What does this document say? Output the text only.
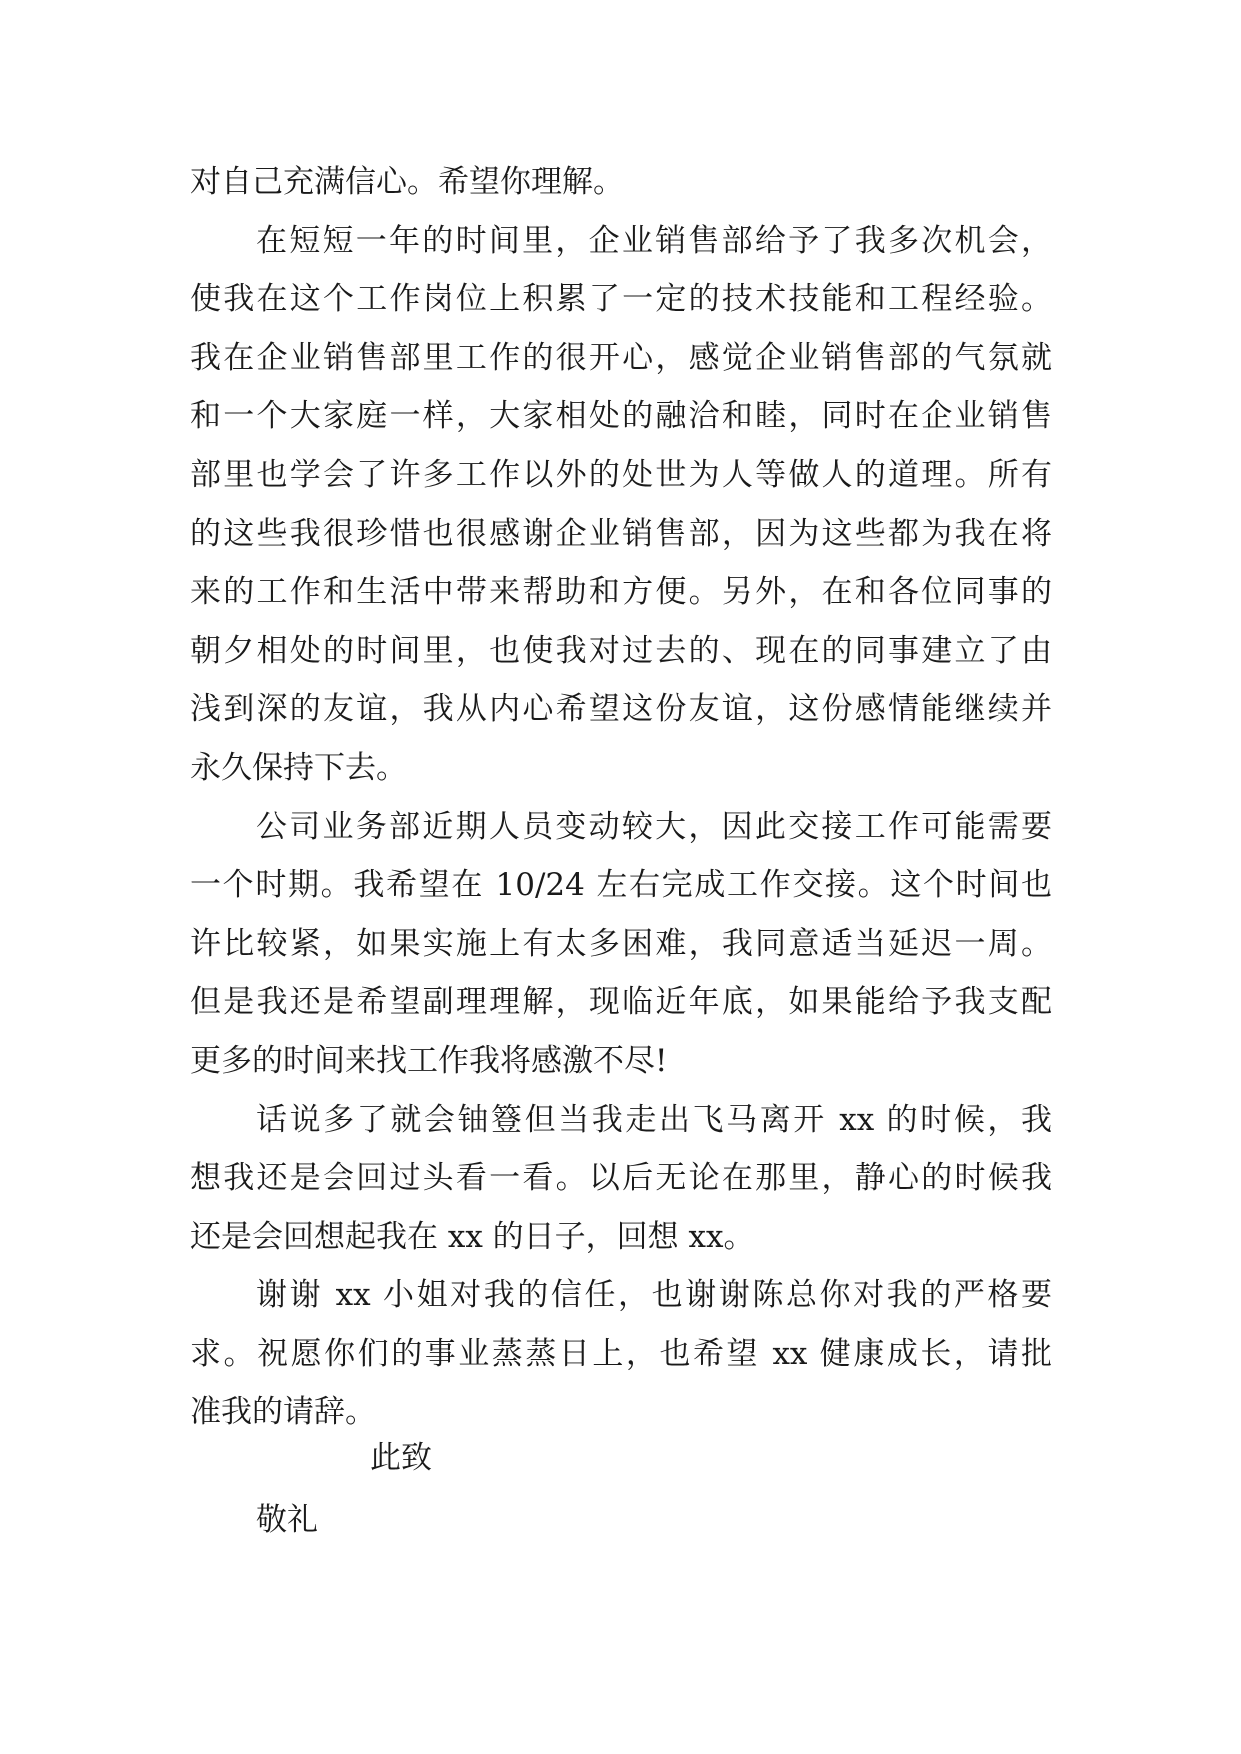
对自己充满信心。希望你理解。
在短短一年的时间里，企业销售部给予了我多次机会，
使我在这个工作岗位上积累了一定的技术技能和工程经验。
我在企业销售部里工作的很开心，感觉企业销售部的气氛就
和一个大家庭一样，大家相处的融洽和睦，同时在企业销售
部里也学会了许多工作以外的处世为人等做人的道理。所有
的这些我很珍惜也很感谢企业销售部，因为这些都为我在将
来的工作和生活中带来帮助和方便。另外，在和各位同事的
朝夕相处的时间里，也使我对过去的、现在的同事建立了由
浅到深的友谊，我从内心希望这份友谊，这份感情能继续并
永久保持下去。
公司业务部近期人员变动较大，因此交接工作可能需要
一个时期。我希望在 10/24 左右完成工作交接。这个时间也
许比较紧，如果实施上有太多困难，我同意适当延迟一周。
但是我还是希望副理理解，现临近年底，如果能给予我支配
更多的时间来找工作我将感激不尽!
话说多了就会铀簦但当我走出飞马离开 xx 的时候，我
想我还是会回过头看一看。以后无论在那里，静心的时候我
还是会回想起我在 xx 的日子，回想 xx。
谢谢 xx 小姐对我的信任，也谢谢陈总你对我的严格要
求。祝愿你们的事业蒸蒸日上，也希望 xx 健康成长，请批
准我的请辞。
此致
敬礼
